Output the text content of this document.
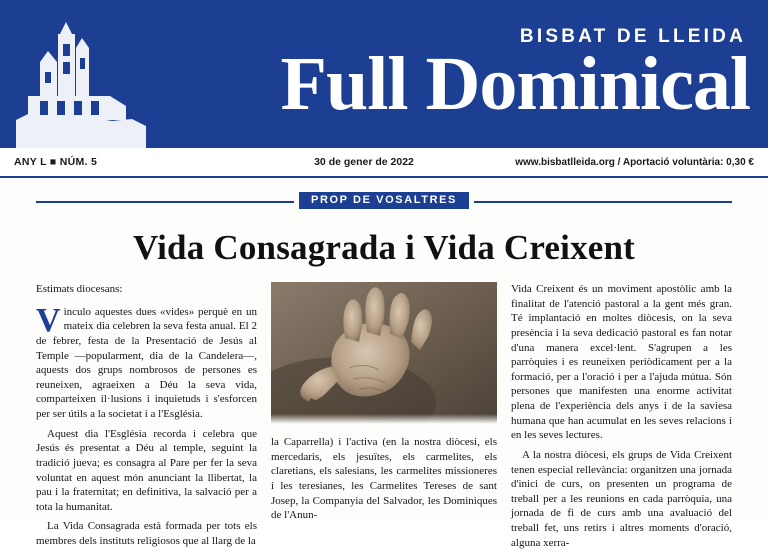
BISBAT DE LLEIDA
Full Dominical
ANY L ■ NÚM. 5	30 de gener de 2022	www.bisbatlleida.org / Aportació voluntària: 0,30 €
PROP DE VOSALTRES
Vida Consagrada i Vida Creixent

Estimats diocesans:

Vinculo aquestes dues «vides» perquè en un mateix dia celebren la seva festa anual. El 2 de febrer, festa de la Presentació de Jesús al Temple —popularment, dia de la Candelera—, aquests dos grups nombrosos de persones es reuneixen, agraeixen a Déu la seva vida, comparteixen il·lusions i inquietuds i s'esforcen per ser útils a la societat i a l'Església.

Aquest dia l'Església recorda i celebra que Jesús és presentat a Déu al temple, seguint la tradició jueva; es consagra al Pare per fer la seva voluntat en aquest món anunciant la llibertat, la pau i la fraternitat; en definitiva, la salvació per a tota la humanitat.

La Vida Consagrada està formada per tots els membres dels instituts religiosos que al llarg de la

la Caparrella) i l'activa (en la nostra diòcesi, els mercedaris, els jesuïtes, els carmelites, els claretians, els salesians, les carmelites missioneres i les teresianes, les Carmelites Tereses de sant Josep, la Companyia del Salvador, les Dominiques de l'Anun-

Vida Creixent és un moviment apostòlic amb la finalitat de l'atenció pastoral a la gent més gran. Té implantació en moltes diòcesis, on la seva presència i la seva dedicació pastoral es fan notar d'una manera excel·lent. S'agrupen a les parròquies i es reuneixen periòdicament per a la formació, per a l'oració i per a l'ajuda mútua. Són persones que manifesten una enorme activitat plena de l'experiència dels anys i de la saviesa humana que han acumulat en les seves relacions i en les seves lectures.

A la nostra diòcesi, els grups de Vida Creixent tenen especial rellevància: organitzen una jornada d'inici de curs, on presenten un programa de treball per a les reunions en cada parròquia, una jornada de fi de curs amb una avaluació del treball fet, uns retirs i altres moments d'oració, alguna xerra-
